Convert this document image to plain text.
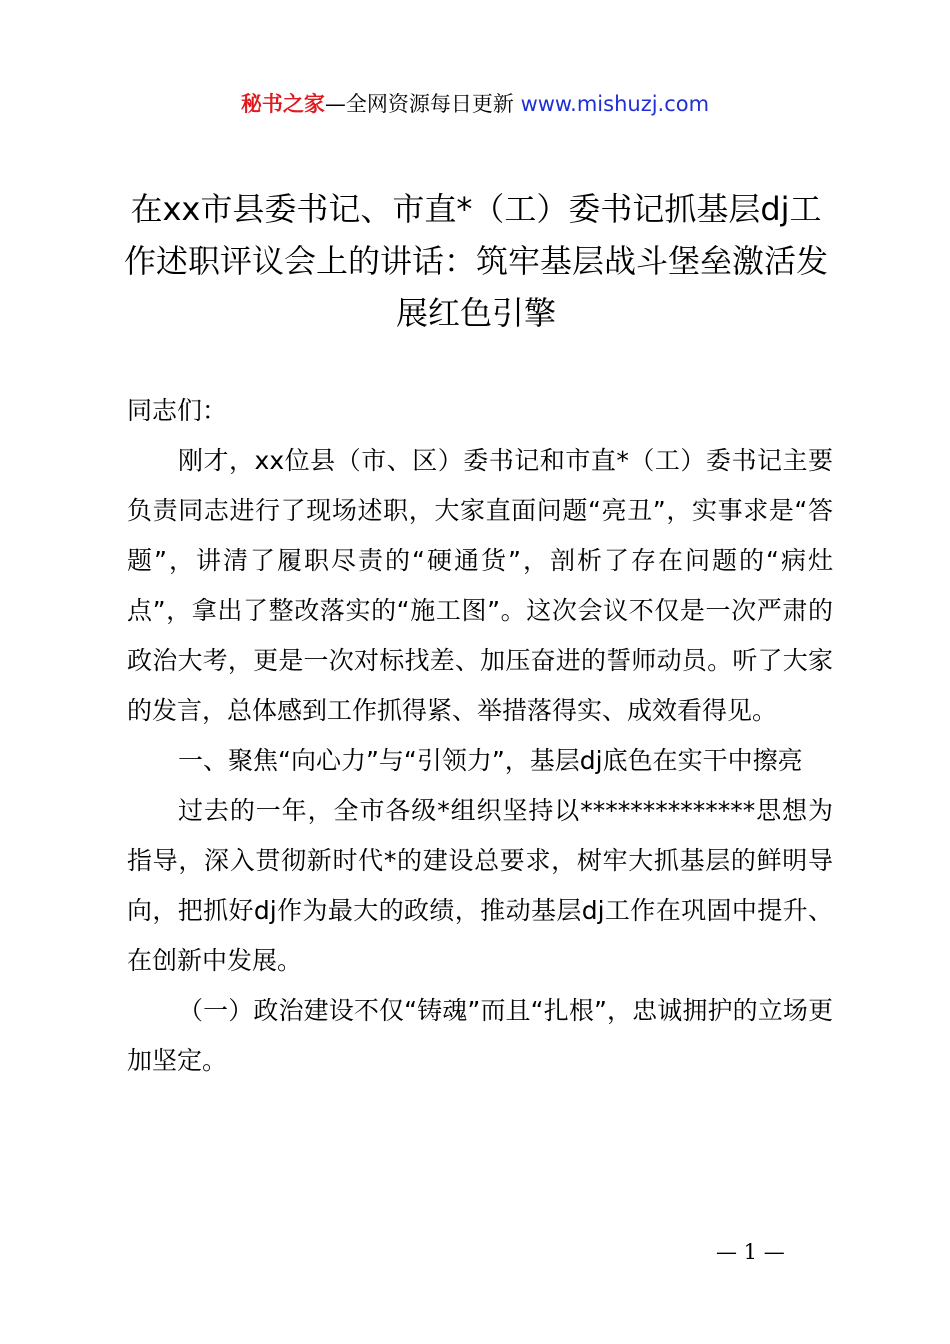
秘书之家—全网资源每日更新 www.mishuzj.com
在xx市县委书记、市直*（工）委书记抓基层dj工作述职评议会上的讲话：筑牢基层战斗堡垒激活发展红色引擎

同志们：

刚才，xx位县（市、区）委书记和市直*（工）委书记主要负责同志进行了现场述职，大家直面问题“亮丑”，实事求是“答题”，讲清了履职尽责的“硬通货”，剖析了存在问题的“病灶点”，拿出了整改落实的“施工图”。这次会议不仅是一次严肃的政治大考，更是一次对标找差、加压奋进的誓师动员。听了大家的发言，总体感到工作抓得紧、举措落得实、成效看得见。

一、聚焦“向心力”与“引领力”，基层dj底色在实干中擦亮

过去的一年，全市各级*组织坚持以**************思想为指导，深入贯彻新时代*的建设总要求，树牢大抓基层的鲜明导向，把抓好dj作为最大的政绩，推动基层dj工作在巩固中提升、在创新中发展。

（一）政治建设不仅“铸魂”而且“扎根”，忠诚拥护的立场更加坚定。

— 1 —
